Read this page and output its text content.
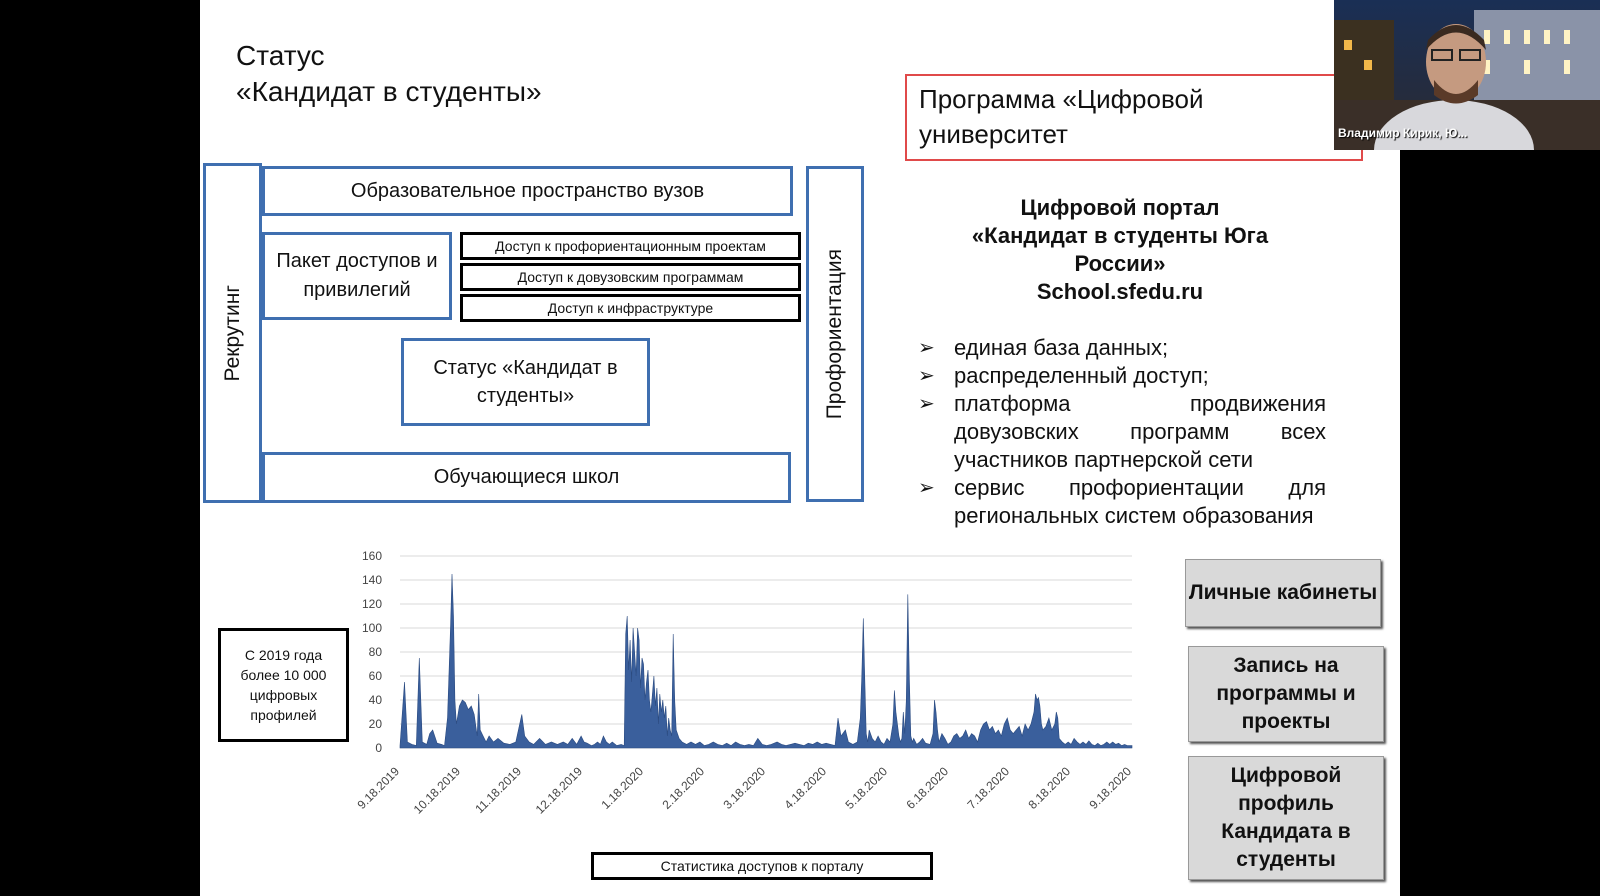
Статус
«Кандидат в студенты»	Программа «Цифровой университет
Рекрутинг	Профориентация
Образовательное пространство вузов
Пакет доступов и привилегий
Доступ к профориентационным проектам
Доступ к довузовским программам
Доступ к инфраструктуре
Статус «Кандидат в студенты»
Обучающиеся школ
Цифровой портал
«Кандидат в студенты Юга
России»
School.sfedu.ru
➢ единая база данных;
➢ распределенный доступ;
➢ платформа продвижения довузовских программ всех участников партнерской сети
➢ сервис профориентации для региональных систем образования
Личные кабинеты
Запись на программы и проекты
Цифровой профиль Кандидата в студенты
С 2019 года более 10 000 цифровых профилей
0
20
40
60
80
100
120
140
160
9.18.2019 10.18.2019 11.18.2019 12.18.2019 1.18.2020 2.18.2020 3.18.2020 4.18.2020 5.18.2020 6.18.2020 7.18.2020 8.18.2020 9.18.2020
Статистика доступов к порталу
Владимир Кирик, Ю...
